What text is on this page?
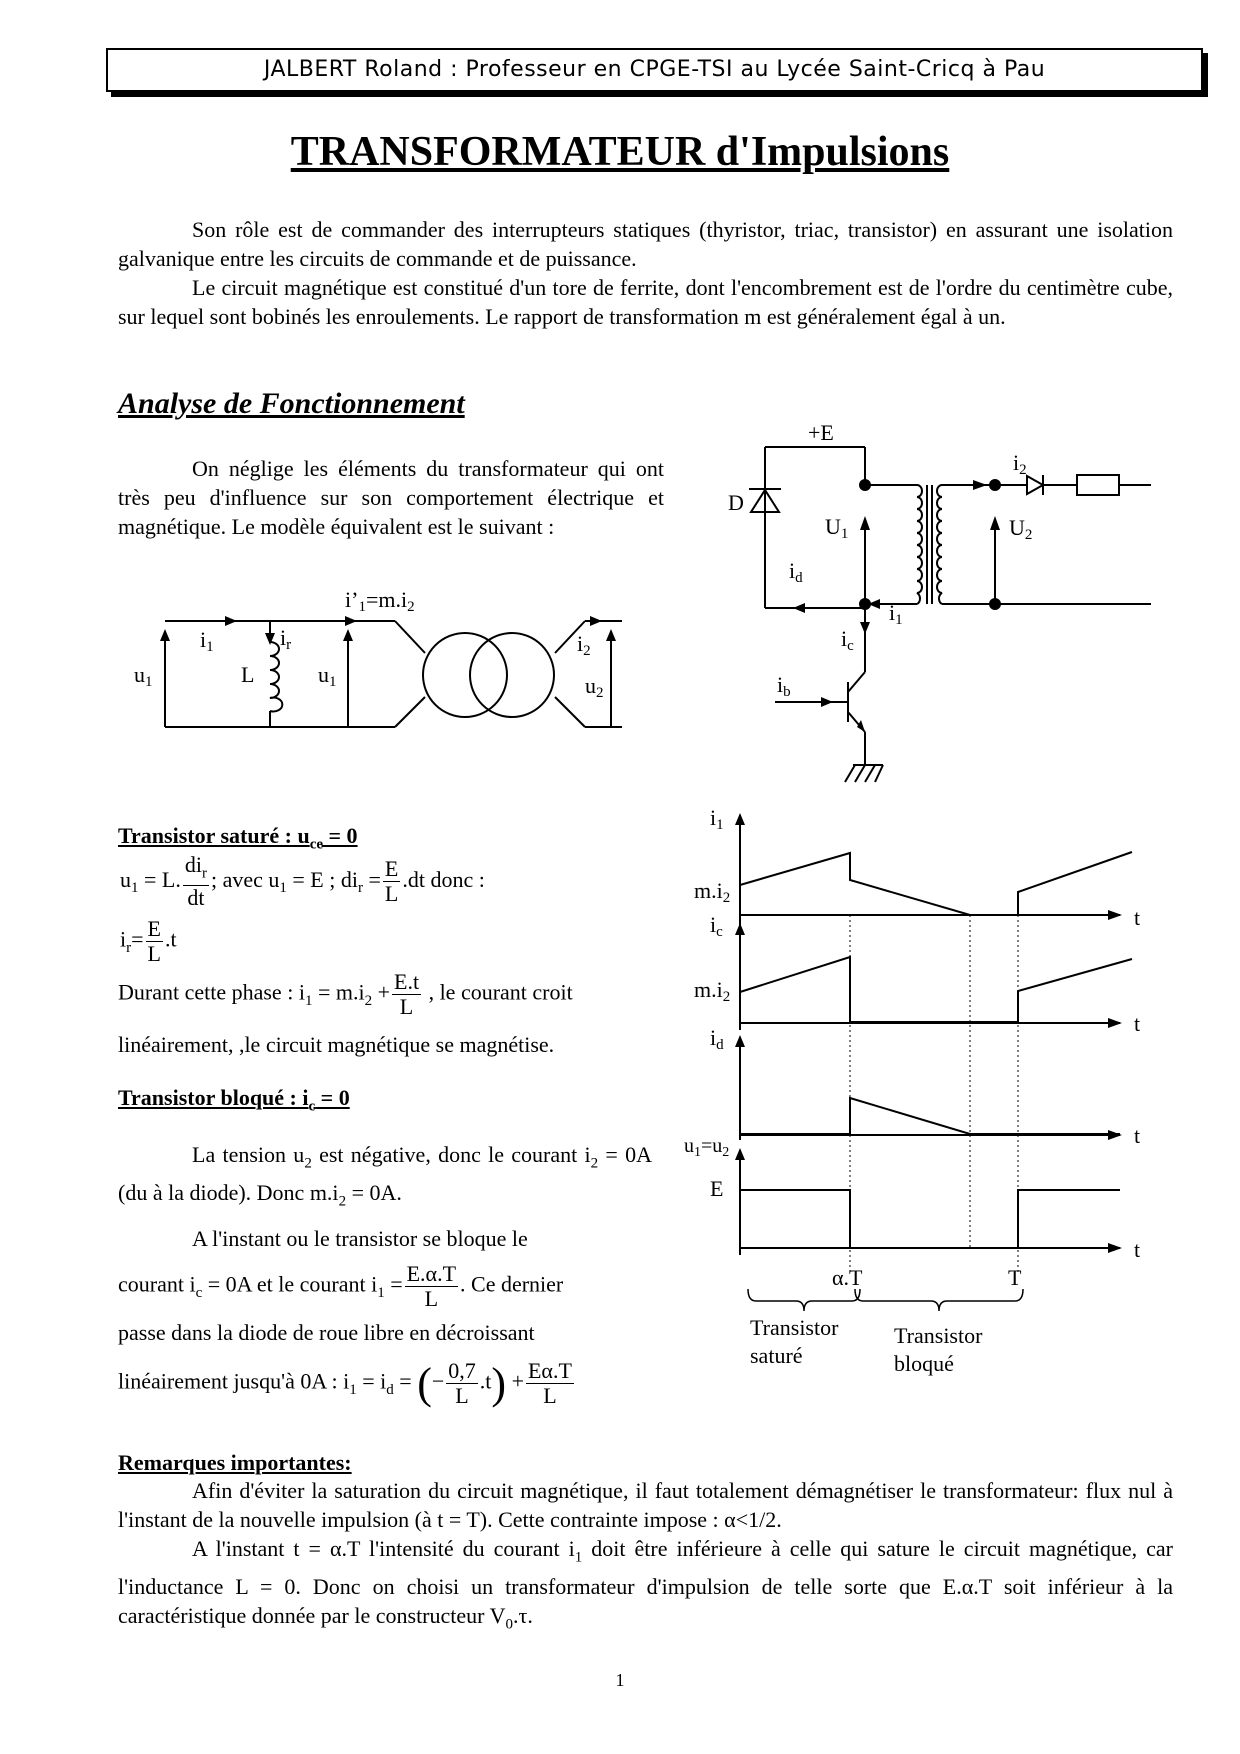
JALBERT Roland : Professeur en CPGE-TSI au Lycée Saint-Cricq à Pau
TRANSFORMATEUR d'Impulsions
Son rôle est de commander des interrupteurs statiques (thyristor, triac, transistor) en assurant une isolation galvanique entre les circuits de commande et de puissance.
Le circuit magnétique est constitué d'un tore de ferrite, dont l'encombrement est de l'ordre du centimètre cube, sur lequel sont bobinés les enroulements. Le rapport de transformation m est généralement égal à un.
Analyse de Fonctionnement
On néglige les éléments du transformateur qui ont très peu d'influence sur son comportement électrique et magnétique. Le modèle équivalent est le suivant :
i’1=m.i2
i1	ir
u1	L	u1
i2
u2
+E
D
U1	U2
i2
id
i1
ic
ib
Transistor saturé : $u_{ce} = 0$
$u_1 = L$. $\frac{di_r}{dt}$ ; avec $u_1 = E$ ; $di_r = \frac{E}{L} .dt$ donc :
$i_r= \frac{E}{L} .t$
Durant cette phase : $i_1 = m.i_2 + \frac{E.t}{L}$ , le courant croit
linéairement, ,le circuit magnétique se magnétise.
Transistor bloqué : $i_c = 0$
La tension $u_2$ est négative, donc le courant $i_2 = 0A$ (du à la diode). Donc $m.i_2 = 0A$.
A l'instant ou le transistor se bloque le
courant $i_c = 0A$ et le courant $i_1 = \frac{E.\alpha.T}{L}$ . Ce dernier
passe dans la diode de roue libre en décroissant
linéairement jusqu'à 0A : $i_1 = i_d$ = (− $\frac{0,7}{L} .t) + \frac{E\alpha.T}{L}$
i1
m.i2
ic
m.i2
id
$u_1=u_2$
E
t
t
t
t
α.T	T
Transistor
saturé
Transistor
bloqué
Remarques importantes:
Afin d'éviter la saturation du circuit magnétique, il faut totalement démagnétiser le transformateur: flux nul à l'instant de la nouvelle impulsion (à t = T). Cette contrainte impose : α<1/2.
A l'instant t = α.T l'intensité du courant $i_1$ doit être inférieure à celle qui sature le circuit magnétique, car l'inductance L = 0. Donc on choisi un transformateur d'impulsion de telle sorte que E.α.T soit inférieur à la caractéristique donnée par le constructeur $V_0.\tau$.
1
